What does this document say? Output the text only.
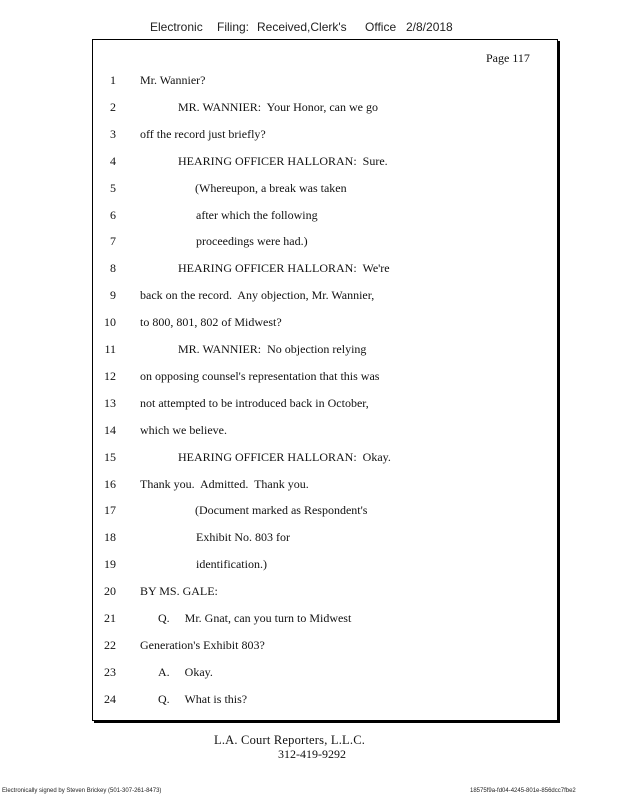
Electronic

Filing:

Received,Clerk's

Office

2/8/2018

Page 117
1 Mr. Wannier?
2	MR. WANNIER:  Your Honor, can we go
3 off the record just briefly?
4	HEARING OFFICER HALLORAN:  Sure.
5	(Whereupon, a break was taken
6	after which the following
7	proceedings were had.)
8	HEARING OFFICER HALLORAN:  We're
9 back on the record.  Any objection, Mr. Wannier,
10 to 800, 801, 802 of Midwest?
11	MR. WANNIER:  No objection relying
12 on opposing counsel's representation that this was
13 not attempted to be introduced back in October,
14 which we believe.
15	HEARING OFFICER HALLORAN:  Okay.
16 Thank you.  Admitted.  Thank you.
17	(Document marked as Respondent's
18	Exhibit No. 803 for
19	identification.)
20 BY MS. GALE:
21	Q.     Mr. Gnat, can you turn to Midwest
22 Generation's Exhibit 803?
23	A.     Okay.
24	Q.     What is this?
L.A. Court Reporters, L.L.C.
312-419-9292
Electronically signed by Steven Brickey (501-307-261-8473)	18575f9a-fd04-4245-801e-856dcc7fbe2
